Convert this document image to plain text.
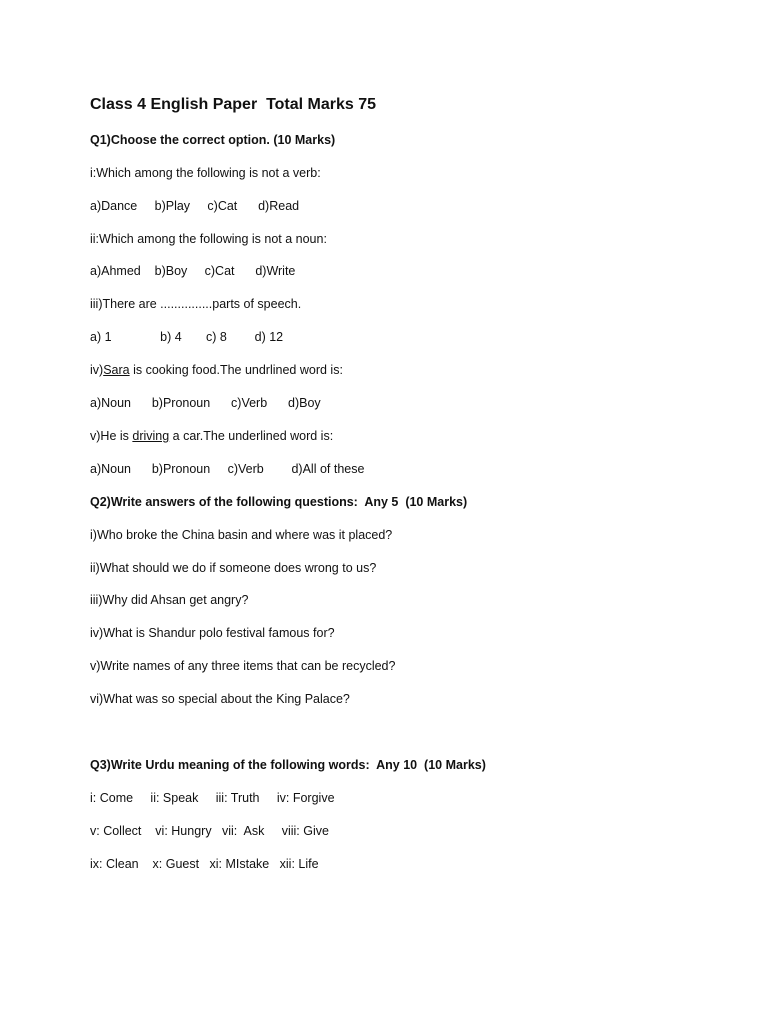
Class 4 English Paper  Total Marks 75
Q1)Choose the correct option. (10 Marks)
i:Which among the following is not a verb:
a)Dance     b)Play     c)Cat      d)Read
ii:Which among the following is not a noun:
a)Ahmed    b)Boy     c)Cat      d)Write
iii)There are ...............parts of speech.
a) 1              b) 4       c) 8        d) 12
iv)Sara is cooking food.The undrlined word is:
a)Noun      b)Pronoun      c)Verb      d)Boy
v)He is driving a car.The underlined word is:
a)Noun      b)Pronoun     c)Verb        d)All of these
Q2)Write answers of the following questions:  Any 5  (10 Marks)
i)Who broke the China basin and where was it placed?
ii)What should we do if someone does wrong to us?
iii)Why did Ahsan get angry?
iv)What is Shandur polo festival famous for?
v)Write names of any three items that can be recycled?
vi)What was so special about the King Palace?
Q3)Write Urdu meaning of the following words:  Any 10  (10 Marks)
i: Come     ii: Speak     iii: Truth     iv: Forgive
v: Collect    vi: Hungry   vii:  Ask     viii: Give
ix: Clean    x: Guest   xi: MIstake   xii: Life
